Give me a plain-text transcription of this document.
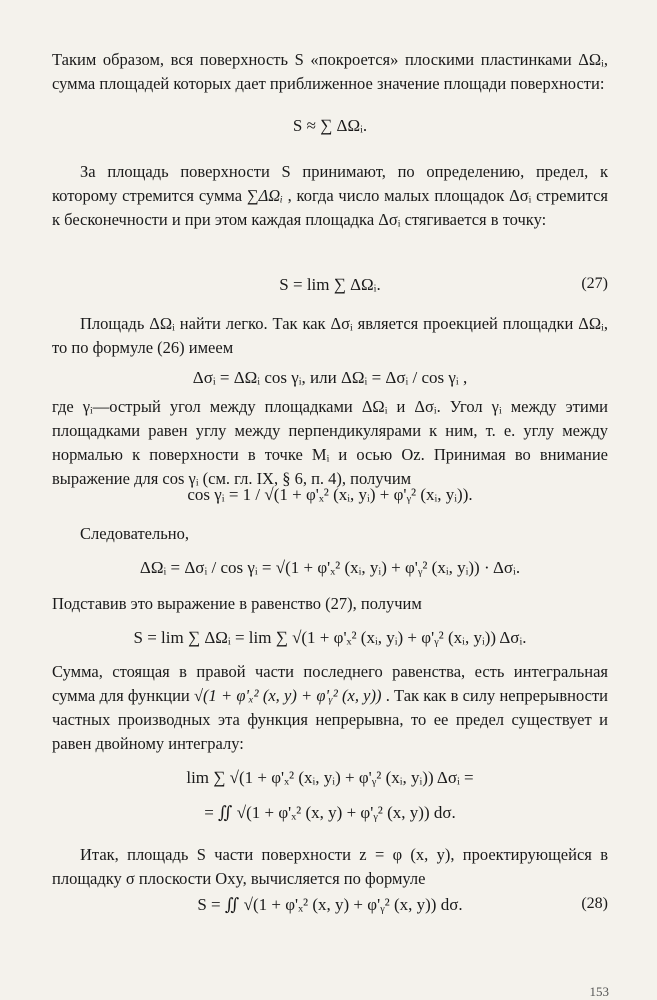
Таким образом, вся поверхность S «покроется» плоскими пластинками ΔΩᵢ, сумма площадей которых дает приближенное значение площади поверхности:
S ≈ ∑ ΔΩᵢ.
За площадь поверхности S принимают, по определению, предел, к которому стремится сумма ∑ΔΩᵢ , когда число малых площадок Δσᵢ стремится к бесконечности и при этом каждая площадка Δσᵢ стягивается в точку:
S = lim ∑ ΔΩᵢ.	(27)
Площадь ΔΩᵢ найти легко. Так как Δσᵢ является проекцией площадки ΔΩᵢ, то по формуле (26) имеем
Δσᵢ = ΔΩᵢ cos γᵢ, или ΔΩᵢ = Δσᵢ / cos γᵢ ,
где γᵢ—острый угол между площадками ΔΩᵢ и Δσᵢ. Угол γᵢ между этими площадками равен углу между перпендикулярами к ним, т. е. углу между нормалью к поверхности в точке Mᵢ и осью Oz. Принимая во внимание выражение для cos γᵢ (см. гл. IX, § 6, п. 4), получим
cos γᵢ = 1 / √(1 + φ'ₓ² (xᵢ, yᵢ) + φ'ᵧ² (xᵢ, yᵢ)).
Следовательно,
ΔΩᵢ = Δσᵢ / cos γᵢ = √(1 + φ'ₓ² (xᵢ, yᵢ) + φ'ᵧ² (xᵢ, yᵢ)) · Δσᵢ.
Подставив это выражение в равенство (27), получим
S = lim ∑ ΔΩᵢ = lim ∑ √(1 + φ'ₓ² (xᵢ, yᵢ) + φ'ᵧ² (xᵢ, yᵢ)) Δσᵢ.
Сумма, стоящая в правой части последнего равенства, есть интегральная сумма для функции √(1 + φ'ₓ² (x, y) + φ'ᵧ² (x, y)) . Так как в силу непрерывности частных производных эта функция непрерывна, то ее предел существует и равен двойному интегралу:
lim ∑ √(1 + φ'ₓ² (xᵢ, yᵢ) + φ'ᵧ² (xᵢ, yᵢ)) Δσᵢ =
= ∬ √(1 + φ'ₓ² (x, y) + φ'ᵧ² (x, y)) dσ.
Итак, площадь S части поверхности z = φ (x, y), проектирующейся в площадку σ плоскости Oxy, вычисляется по формуле
S = ∬ √(1 + φ'ₓ² (x, y) + φ'ᵧ² (x, y)) dσ.	(28)
153
